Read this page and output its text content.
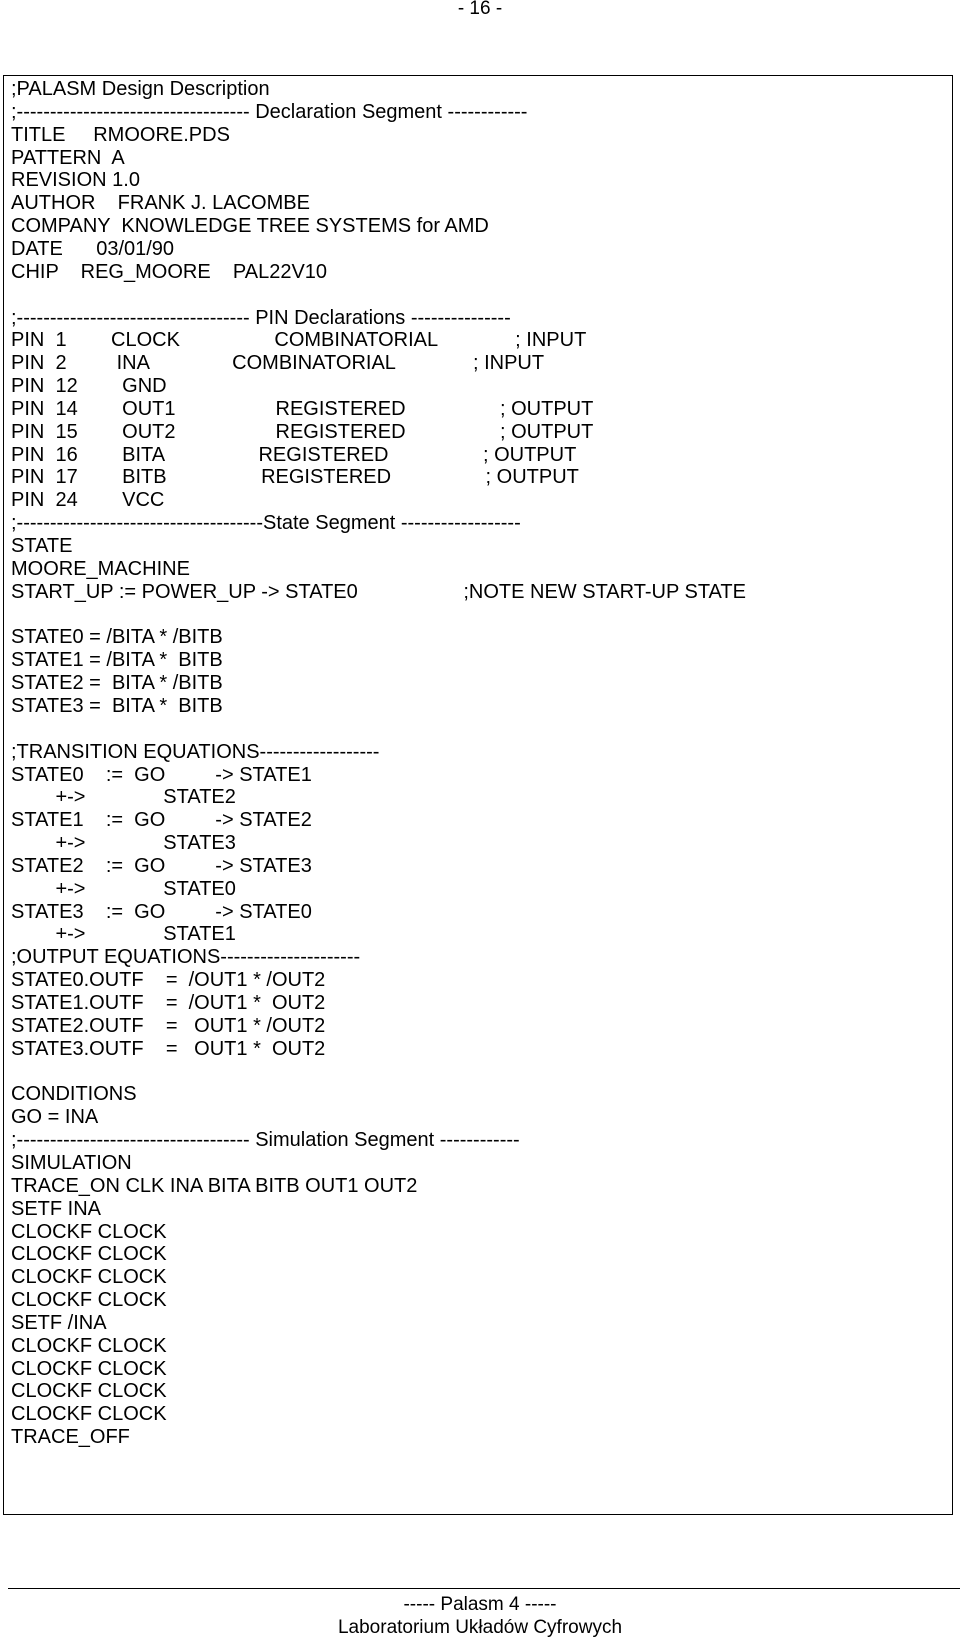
- 16 -
;PALASM Design Description
;----------------------------------- Declaration Segment ------------
TITLE     RMOORE.PDS
PATTERN  A
REVISION 1.0
AUTHOR    FRANK J. LACOMBE
COMPANY  KNOWLEDGE TREE SYSTEMS for AMD
DATE      03/01/90
CHIP    REG_MOORE    PAL22V10
;----------------------------------- PIN Declarations ---------------
PIN  1        CLOCK                 COMBINATORIAL              ; INPUT
PIN  2         INA               COMBINATORIAL              ; INPUT
PIN  12        GND
PIN  14        OUT1                  REGISTERED                 ; OUTPUT
PIN  15        OUT2                  REGISTERED                 ; OUTPUT
PIN  16        BITA                 REGISTERED                 ; OUTPUT
PIN  17        BITB                 REGISTERED                 ; OUTPUT
PIN  24        VCC
;-------------------------------------State Segment ------------------
STATE
MOORE_MACHINE
START_UP := POWER_UP -> STATE0                   ;NOTE NEW START-UP STATE
STATE0 = /BITA * /BITB
STATE1 = /BITA *  BITB
STATE2 =  BITA * /BITB
STATE3 =  BITA *  BITB
;TRANSITION EQUATIONS------------------
STATE0    :=  GO         -> STATE1
+->              STATE2
STATE1    :=  GO         -> STATE2
+->              STATE3
STATE2    :=  GO         -> STATE3
+->              STATE0
STATE3    :=  GO         -> STATE0
+->              STATE1
;OUTPUT EQUATIONS---------------------
STATE0.OUTF    =  /OUT1 * /OUT2
STATE1.OUTF    =  /OUT1 *  OUT2
STATE2.OUTF    =   OUT1 * /OUT2
STATE3.OUTF    =   OUT1 *  OUT2
CONDITIONS
GO = INA
;----------------------------------- Simulation Segment ------------
SIMULATION
TRACE_ON CLK INA BITA BITB OUT1 OUT2
SETF INA
CLOCKF CLOCK
CLOCKF CLOCK
CLOCKF CLOCK
CLOCKF CLOCK
SETF /INA
CLOCKF CLOCK
CLOCKF CLOCK
CLOCKF CLOCK
CLOCKF CLOCK
TRACE_OFF
----- Palasm 4 -----
Laboratorium Układów Cyfrowych
